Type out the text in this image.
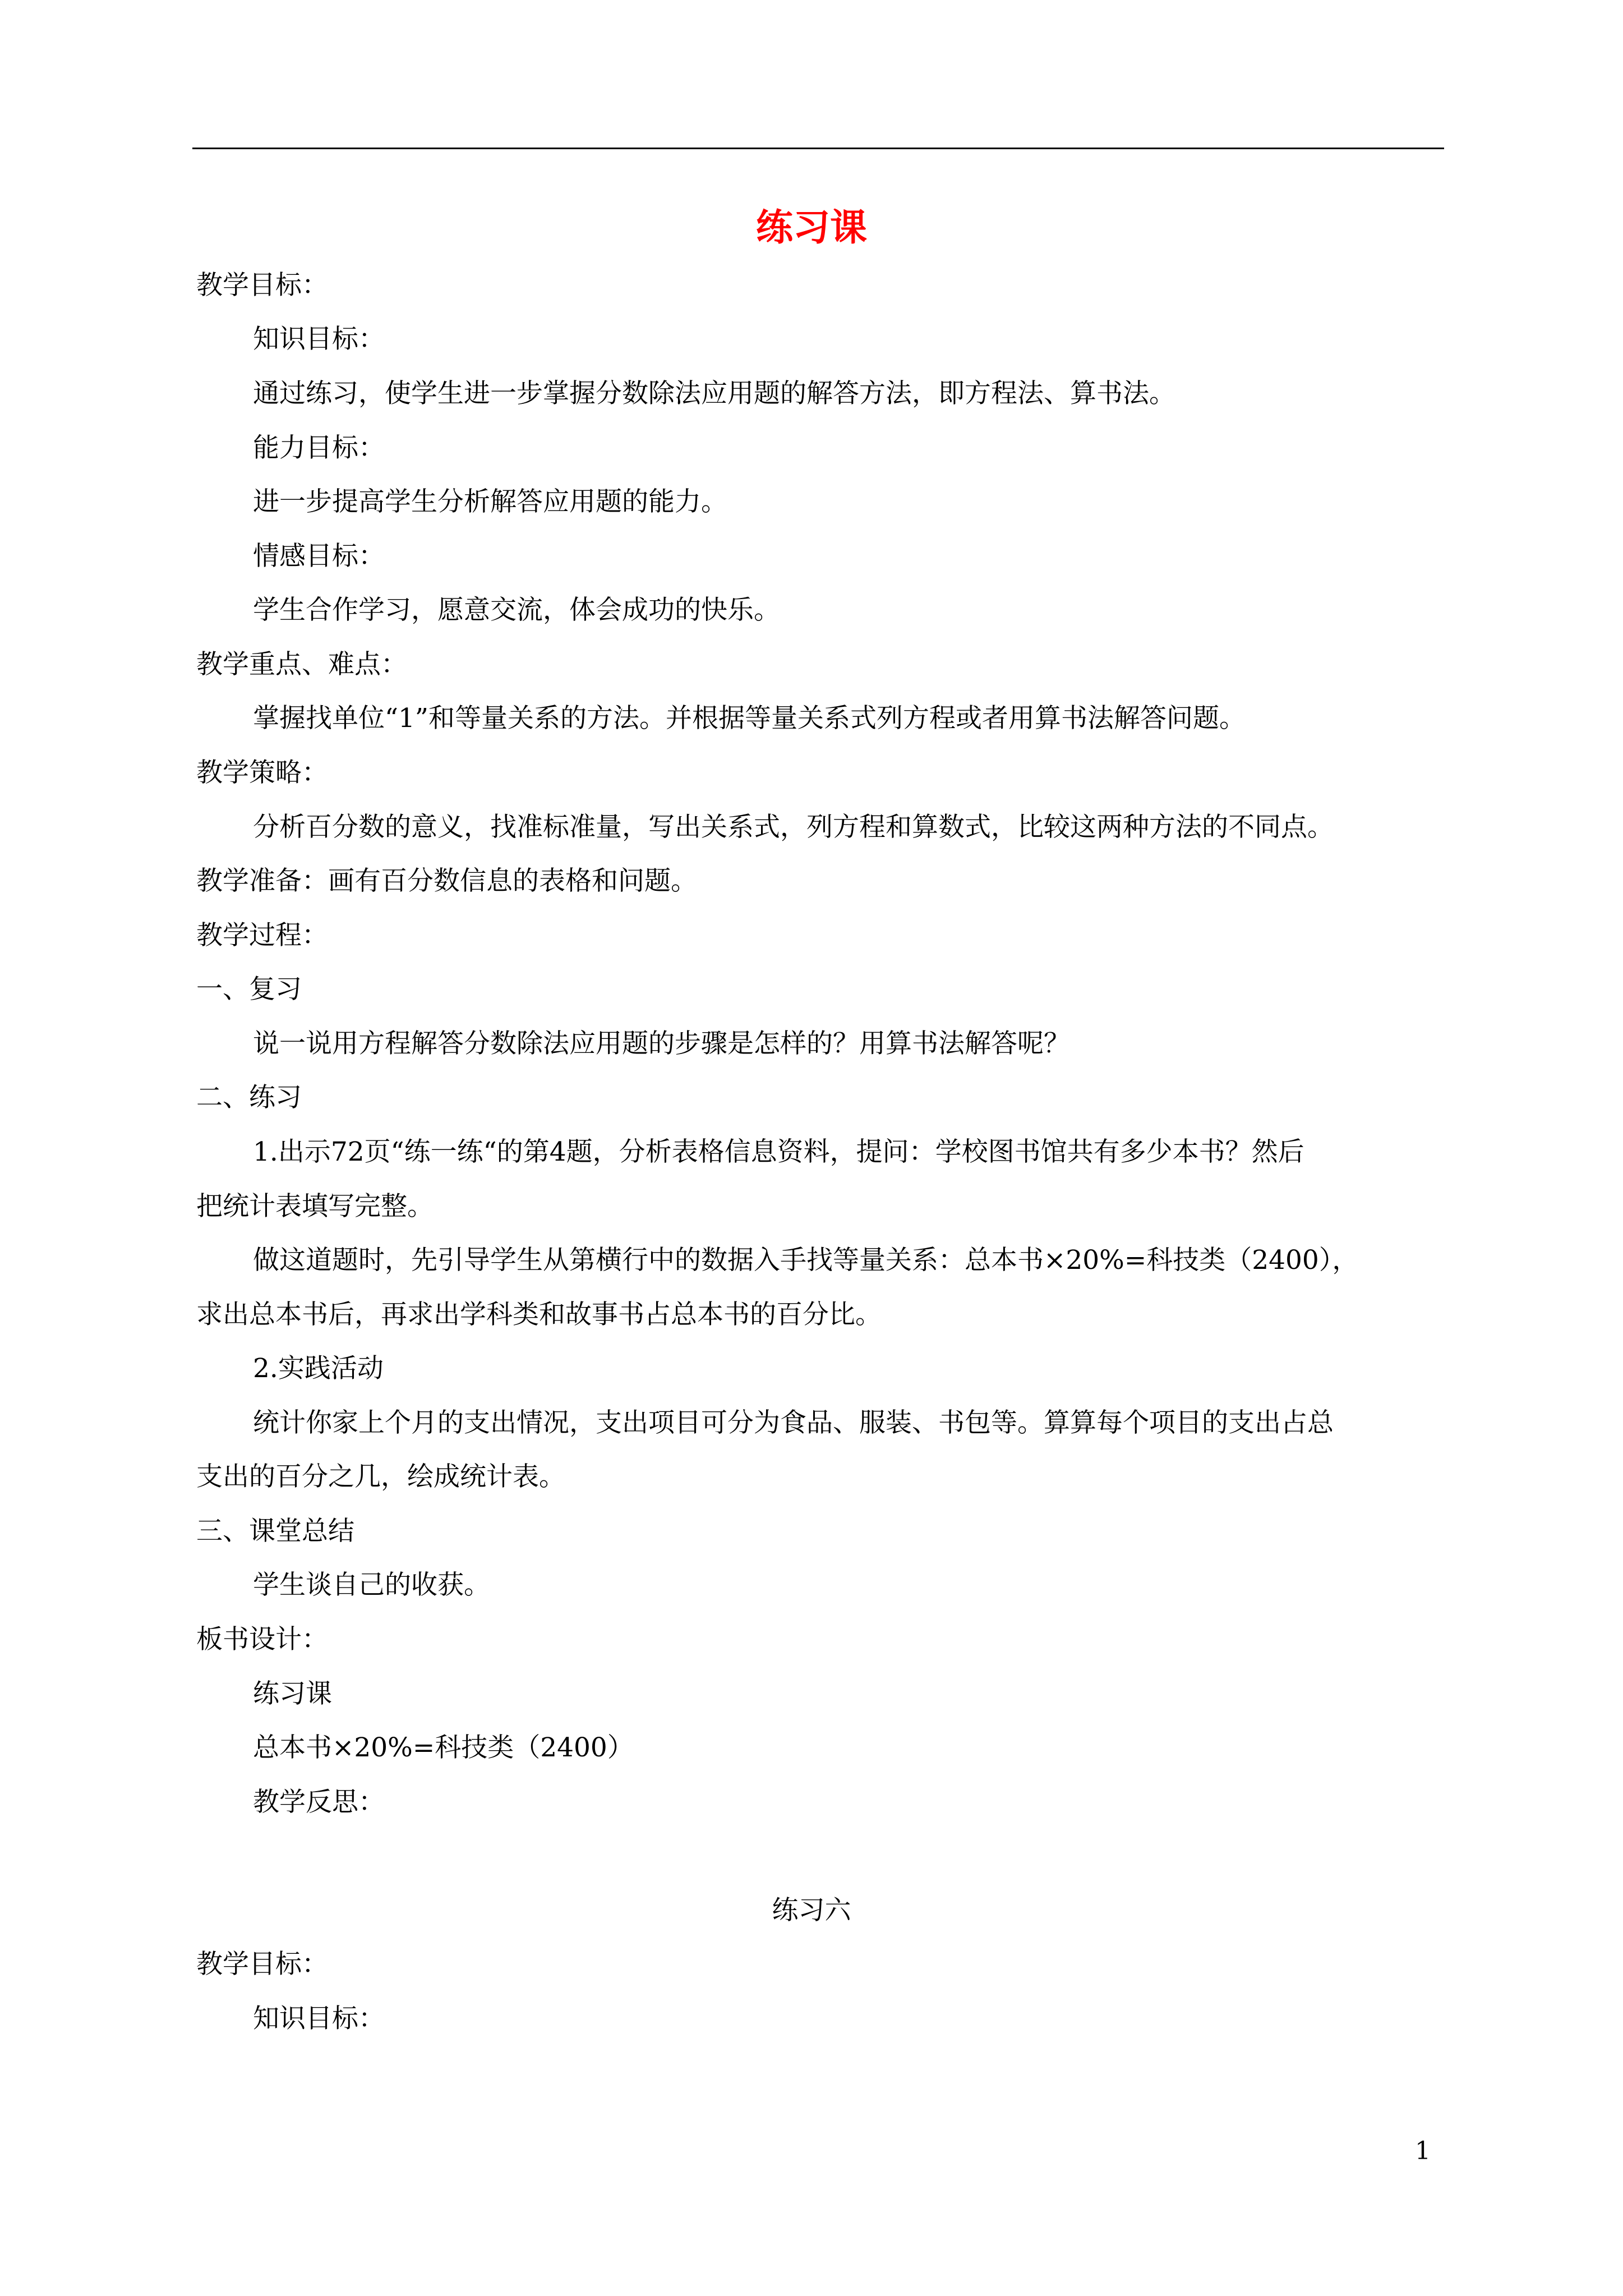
练习课
教学目标：
知识目标：
通过练习，使学生进一步掌握分数除法应用题的解答方法，即方程法、算书法。
能力目标：
进一步提高学生分析解答应用题的能力。
情感目标：
学生合作学习，愿意交流，体会成功的快乐。
教学重点、难点：
掌握找单位“1”和等量关系的方法。并根据等量关系式列方程或者用算书法解答问题。
教学策略：
分析百分数的意义，找准标准量，写出关系式，列方程和算数式，比较这两种方法的不同点。
教学准备：画有百分数信息的表格和问题。
教学过程：
一、复习
说一说用方程解答分数除法应用题的步骤是怎样的？用算书法解答呢？
二、练习
1.出示72页“练一练“的第4题，分析表格信息资料，提问：学校图书馆共有多少本书？然后
把统计表填写完整。
做这道题时，先引导学生从第横行中的数据入手找等量关系：总本书×20%=科技类（2400），
求出总本书后，再求出学科类和故事书占总本书的百分比。
2.实践活动
统计你家上个月的支出情况，支出项目可分为食品、服装、书包等。算算每个项目的支出占总
支出的百分之几，绘成统计表。
三、课堂总结
学生谈自己的收获。
板书设计：
练习课
总本书×20%=科技类（2400）
教学反思：
练习六
教学目标：
知识目标：
1
